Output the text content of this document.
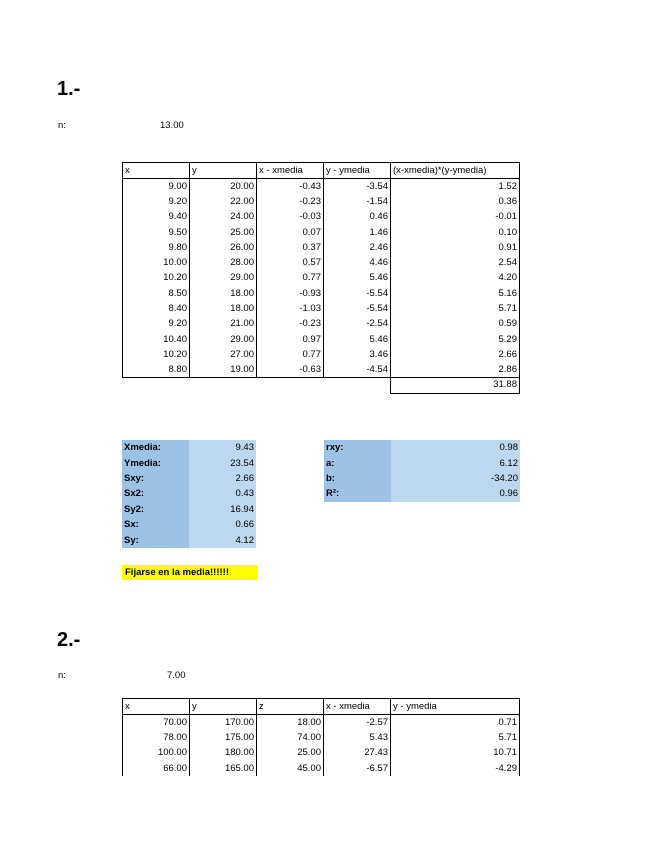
1.-
n:	13.00
x	y	x - xmedia	y - ymedia	(x-xmedia)*(y-ymedia)
9.00	20.00	-0.43	-3.54	1.52
9.20	22.00	-0.23	-1.54	0.36
9.40	24.00	-0.03	0.46	-0.01
9.50	25.00	0.07	1.46	0.10
9.80	26.00	0.37	2.46	0.91
10.00	28.00	0.57	4.46	2.54
10.20	29.00	0.77	5.46	4.20
8.50	18.00	-0.93	-5.54	5.16
8.40	18.00	-1.03	-5.54	5.71
9.20	21.00	-0.23	-2.54	0.59
10.40	29.00	0.97	5.46	5.29
10.20	27.00	0.77	3.46	2.66
8.80	19.00	-0.63	-4.54	2.86
31.88
Xmedia:	9.43
Ymedia:	23.54
Sxy:	2.66
Sx2:	0.43
Sy2:	16.94
Sx:	0.66
Sy:	4.12
rxy:	0.98
a:	6.12
b:	-34.20
R²:	0.96
Fijarse en la media!!!!!!
2.-
n:	7.00
x	y	z	x - xmedia	y - ymedia
70.00	170.00	18.00	-2.57	0.71
78.00	175.00	74.00	5.43	5.71
100.00	180.00	25.00	27.43	10.71
66.00	165.00	45.00	-6.57	-4.29
